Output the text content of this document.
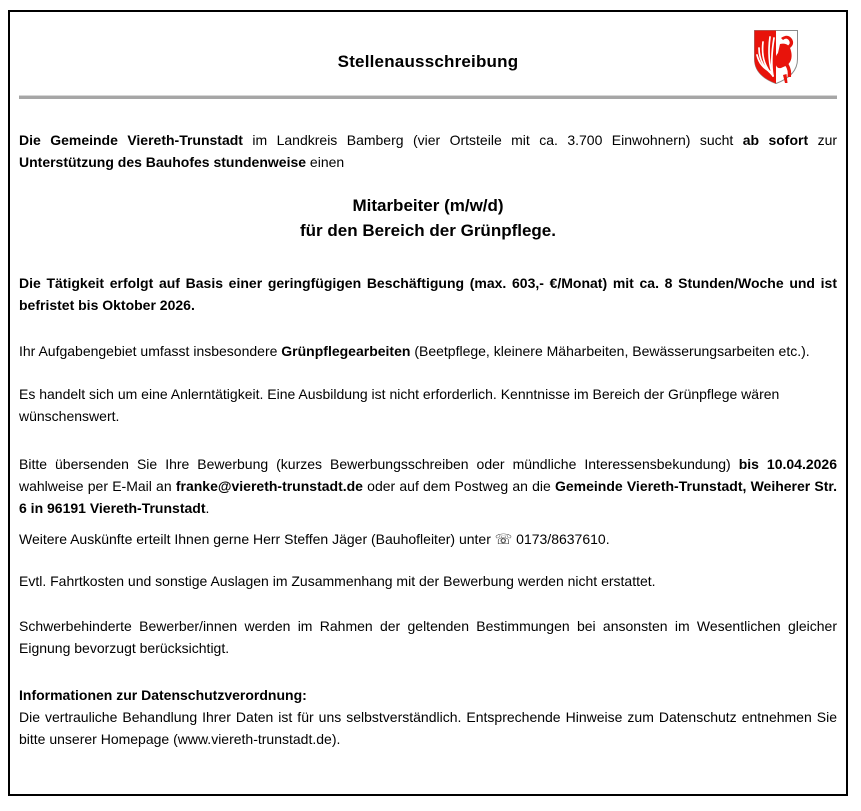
Stellenausschreibung

Die Gemeinde Viereth-Trunstadt im Landkreis Bamberg (vier Ortsteile mit ca. 3.700 Einwohnern) sucht ab sofort zur Unterstützung des Bauhofes stundenweise einen

Mitarbeiter (m/w/d)
für den Bereich der Grünpflege.

Die Tätigkeit erfolgt auf Basis einer geringfügigen Beschäftigung (max. 603,- €/Monat) mit ca. 8 Stunden/Woche und ist befristet bis Oktober 2026.

Ihr Aufgabengebiet umfasst insbesondere Grünpflegearbeiten (Beetpflege, kleinere Mäharbeiten, Bewässerungsarbeiten etc.).

Es handelt sich um eine Anlerntätigkeit. Eine Ausbildung ist nicht erforderlich. Kenntnisse im Bereich der Grünpflege wären wünschenswert.

Bitte übersenden Sie Ihre Bewerbung (kurzes Bewerbungsschreiben oder mündliche Interessensbekundung) bis 10.04.2026 wahlweise per E-Mail an franke@viereth-trunstadt.de oder auf dem Postweg an die Gemeinde Viereth-Trunstadt, Weiherer Str. 6 in 96191 Viereth-Trunstadt.

Weitere Auskünfte erteilt Ihnen gerne Herr Steffen Jäger (Bauhofleiter) unter ☏ 0173/8637610.

Evtl. Fahrtkosten und sonstige Auslagen im Zusammenhang mit der Bewerbung werden nicht erstattet.

Schwerbehinderte Bewerber/innen werden im Rahmen der geltenden Bestimmungen bei ansonsten im Wesentlichen gleicher Eignung bevorzugt berücksichtigt.

Informationen zur Datenschutzverordnung:
Die vertrauliche Behandlung Ihrer Daten ist für uns selbstverständlich. Entsprechende Hinweise zum Datenschutz entnehmen Sie bitte unserer Homepage (www.viereth-trunstadt.de).
